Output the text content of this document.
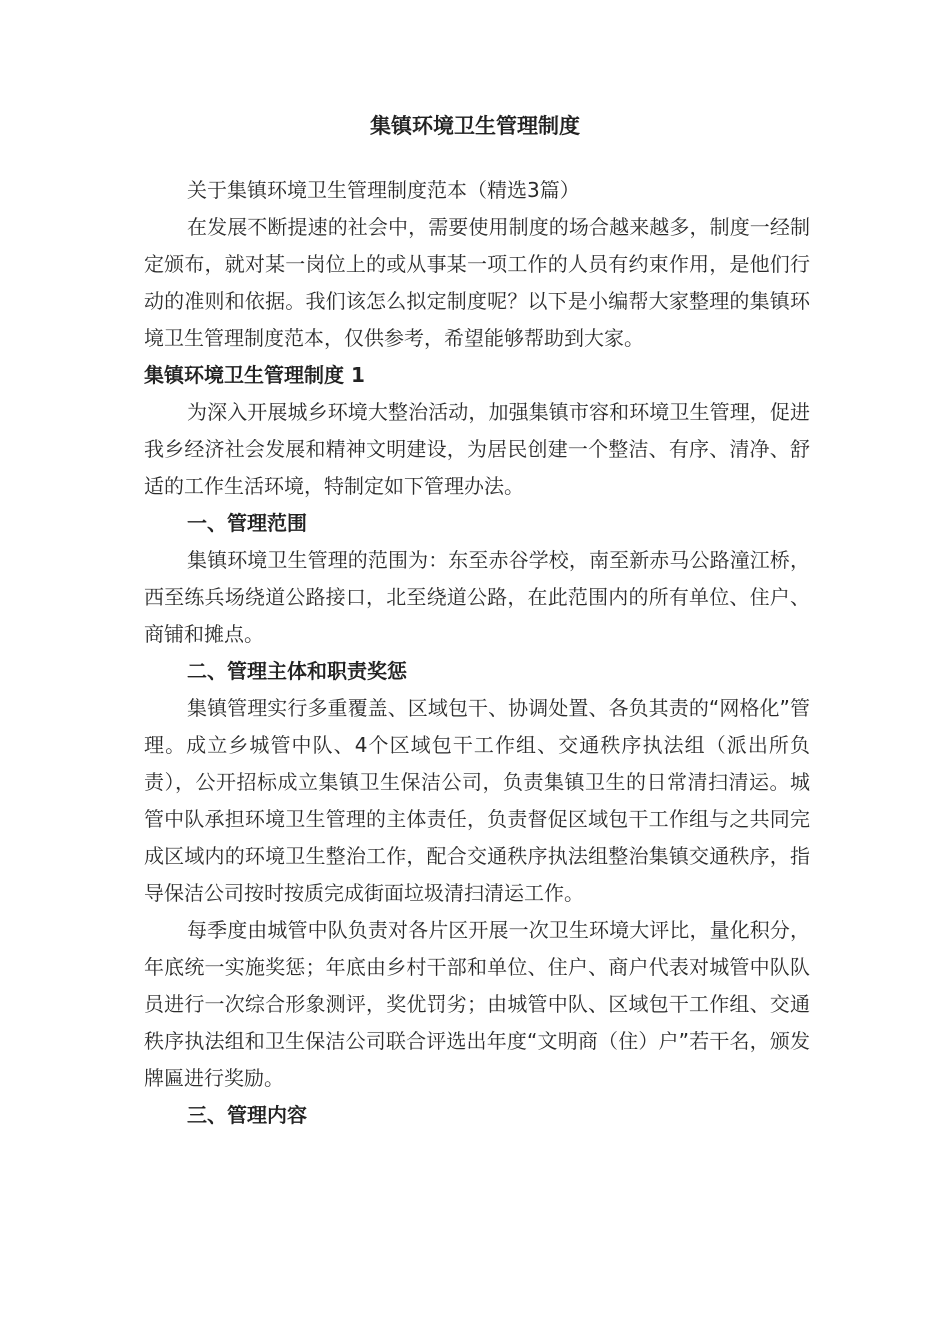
集镇环境卫生管理制度

关于集镇环境卫生管理制度范本（精选3篇）

在发展不断提速的社会中，需要使用制度的场合越来越多，制度一经制定颁布，就对某一岗位上的或从事某一项工作的人员有约束作用，是他们行动的准则和依据。我们该怎么拟定制度呢？以下是小编帮大家整理的集镇环境卫生管理制度范本，仅供参考，希望能够帮助到大家。

集镇环境卫生管理制度 1

为深入开展城乡环境大整治活动，加强集镇市容和环境卫生管理，促进我乡经济社会发展和精神文明建设，为居民创建一个整洁、有序、清净、舒适的工作生活环境，特制定如下管理办法。

一、管理范围

集镇环境卫生管理的范围为：东至赤谷学校，南至新赤马公路潼江桥，西至练兵场绕道公路接口，北至绕道公路，在此范围内的所有单位、住户、商铺和摊点。

二、管理主体和职责奖惩

集镇管理实行多重覆盖、区域包干、协调处置、各负其责的“网格化”管理。成立乡城管中队、4个区域包干工作组、交通秩序执法组（派出所负责），公开招标成立集镇卫生保洁公司，负责集镇卫生的日常清扫清运。城管中队承担环境卫生管理的主体责任，负责督促区域包干工作组与之共同完成区域内的环境卫生整治工作，配合交通秩序执法组整治集镇交通秩序，指导保洁公司按时按质完成街面垃圾清扫清运工作。

每季度由城管中队负责对各片区开展一次卫生环境大评比，量化积分，年底统一实施奖惩；年底由乡村干部和单位、住户、商户代表对城管中队队员进行一次综合形象测评，奖优罚劣；由城管中队、区域包干工作组、交通秩序执法组和卫生保洁公司联合评选出年度“文明商（住）户”若干名，颁发牌匾进行奖励。

三、管理内容
